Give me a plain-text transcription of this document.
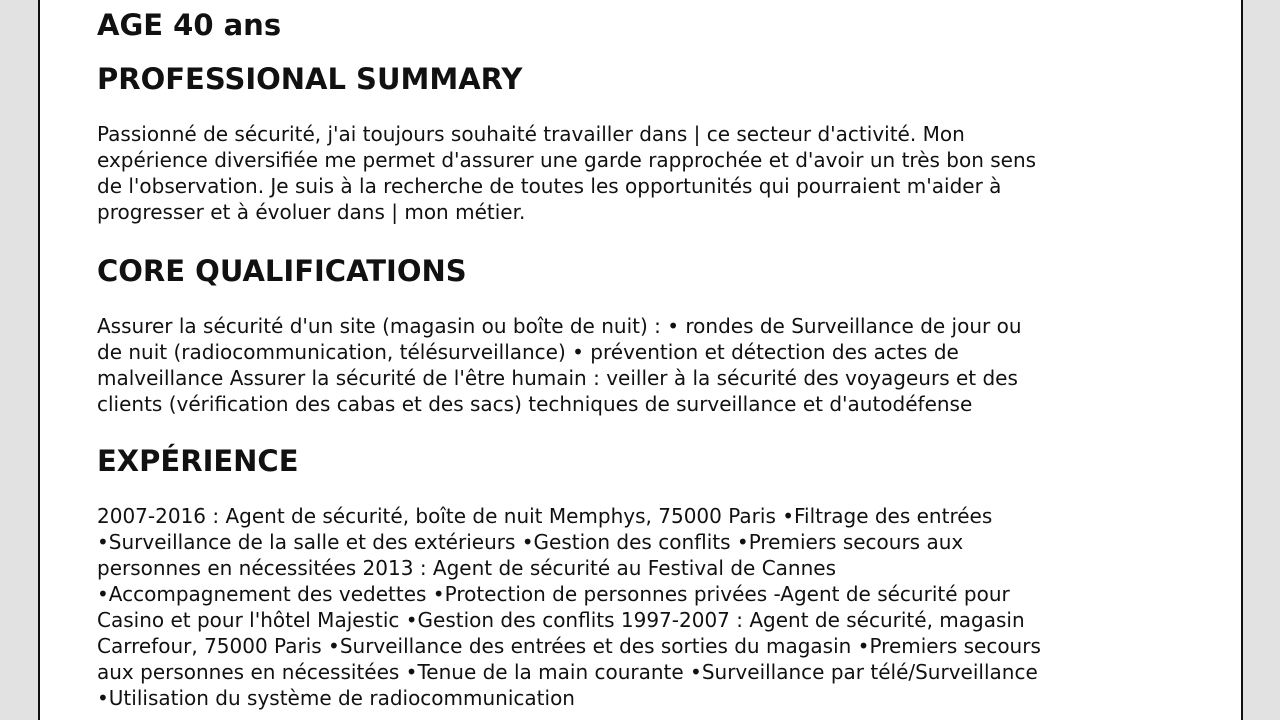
AGE 40 ans
PROFESSIONAL SUMMARY
Passionné de sécurité, j'ai toujours souhaité travailler dans | ce secteur d'activité. Mon
expérience diversifiée me permet d'assurer une garde rapprochée et d'avoir un très bon sens
de l'observation. Je suis à la recherche de toutes les opportunités qui pourraient m'aider à
progresser et à évoluer dans | mon métier.
CORE QUALIFICATIONS
Assurer la sécurité d'un site (magasin ou boîte de nuit) : • rondes de Surveillance de jour ou
de nuit (radiocommunication, télésurveillance) • prévention et détection des actes de
malveillance Assurer la sécurité de l'être humain : veiller à la sécurité des voyageurs et des
clients (vérification des cabas et des sacs) techniques de surveillance et d'autodéfense
EXPÉRIENCE
2007-2016 : Agent de sécurité, boîte de nuit Memphys, 75000 Paris •Filtrage des entrées
•Surveillance de la salle et des extérieurs •Gestion des conflits •Premiers secours aux
personnes en nécessitées 2013 : Agent de sécurité au Festival de Cannes
•Accompagnement des vedettes •Protection de personnes privées -Agent de sécurité pour
Casino et pour l'hôtel Majestic •Gestion des conflits 1997-2007 : Agent de sécurité, magasin
Carrefour, 75000 Paris •Surveillance des entrées et des sorties du magasin •Premiers secours
aux personnes en nécessitées •Tenue de la main courante •Surveillance par télé/Surveillance
•Utilisation du système de radiocommunication
